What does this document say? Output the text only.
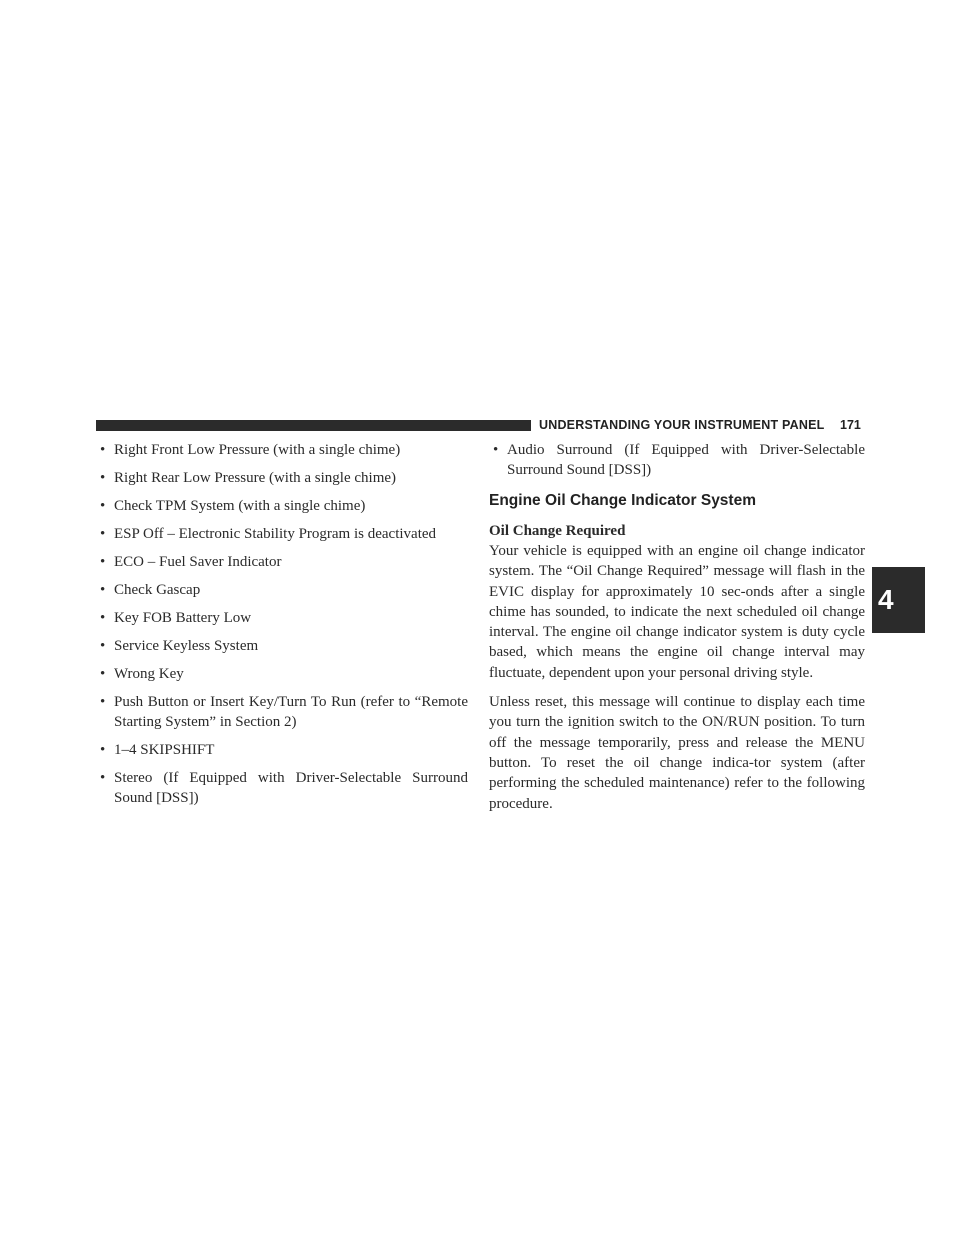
UNDERSTANDING YOUR INSTRUMENT PANEL 171
4
• Right Front Low Pressure (with a single chime)
• Right Rear Low Pressure (with a single chime)
• Check TPM System (with a single chime)
• ESP Off – Electronic Stability Program is deactivated
• ECO – Fuel Saver Indicator
• Check Gascap
• Key FOB Battery Low
• Service Keyless System
• Wrong Key
• Push Button or Insert Key/Turn To Run (refer to “Remote Starting System” in Section 2)
• 1–4 SKIPSHIFT
• Stereo (If Equipped with Driver-Selectable Surround Sound [DSS])
• Audio Surround (If Equipped with Driver-Selectable Surround Sound [DSS])
Engine Oil Change Indicator System
Oil Change Required

Your vehicle is equipped with an engine oil change indicator system. The “Oil Change Required” message will flash in the EVIC display for approximately 10 sec-onds after a single chime has sounded, to indicate the next scheduled oil change interval. The engine oil change indicator system is duty cycle based, which means the engine oil change interval may fluctuate, dependent upon your personal driving style.

Unless reset, this message will continue to display each time you turn the ignition switch to the ON/RUN position. To turn off the message temporarily, press and release the MENU button. To reset the oil change indica-tor system (after performing the scheduled maintenance) refer to the following procedure.
